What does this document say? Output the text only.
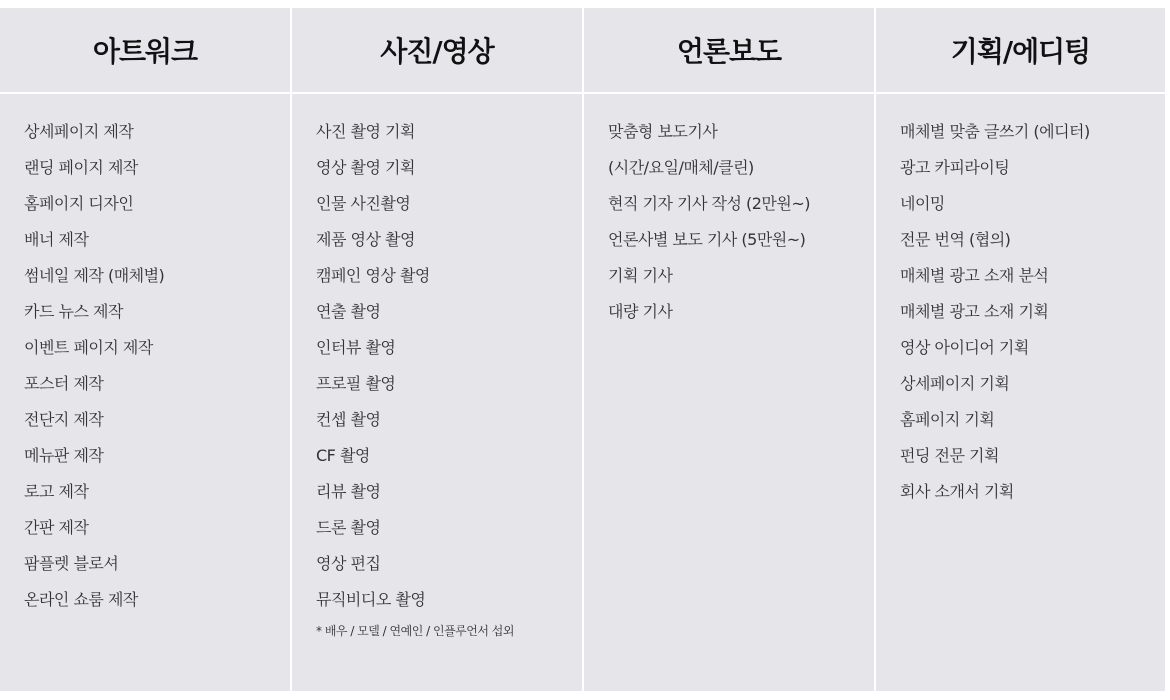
아트워크
상세페이지 제작
랜딩 페이지 제작
홈페이지 디자인
배너 제작
썸네일 제작 (매체별)
카드 뉴스 제작
이벤트 페이지 제작
포스터 제작
전단지 제작
메뉴판 제작
로고 제작
간판 제작
팜플렛 블로셔
온라인 쇼룸 제작
사진/영상
사진 촬영 기획
영상 촬영 기획
인물 사진촬영
제품 영상 촬영
캠페인 영상 촬영
연출 촬영
인터뷰 촬영
프로필 촬영
컨셉 촬영
CF 촬영
리뷰 촬영
드론 촬영
영상 편집
뮤직비디오 촬영
* 배우 / 모델 / 연예인 / 인플루언서 섭외
언론보도
맞춤형 보도기사
(시간/요일/매체/클린)
현직 기자 기사 작성 (2만원~)
언론사별 보도 기사 (5만원~)
기획 기사
대량 기사
기획/에디팅
매체별 맞춤 글쓰기 (에디터)
광고 카피라이팅
네이밍
전문 번역 (협의)
매체별 광고 소재 분석
매체별 광고 소재 기획
영상 아이디어 기획
상세페이지 기획
홈페이지 기획
펀딩 전문 기획
회사 소개서 기획
